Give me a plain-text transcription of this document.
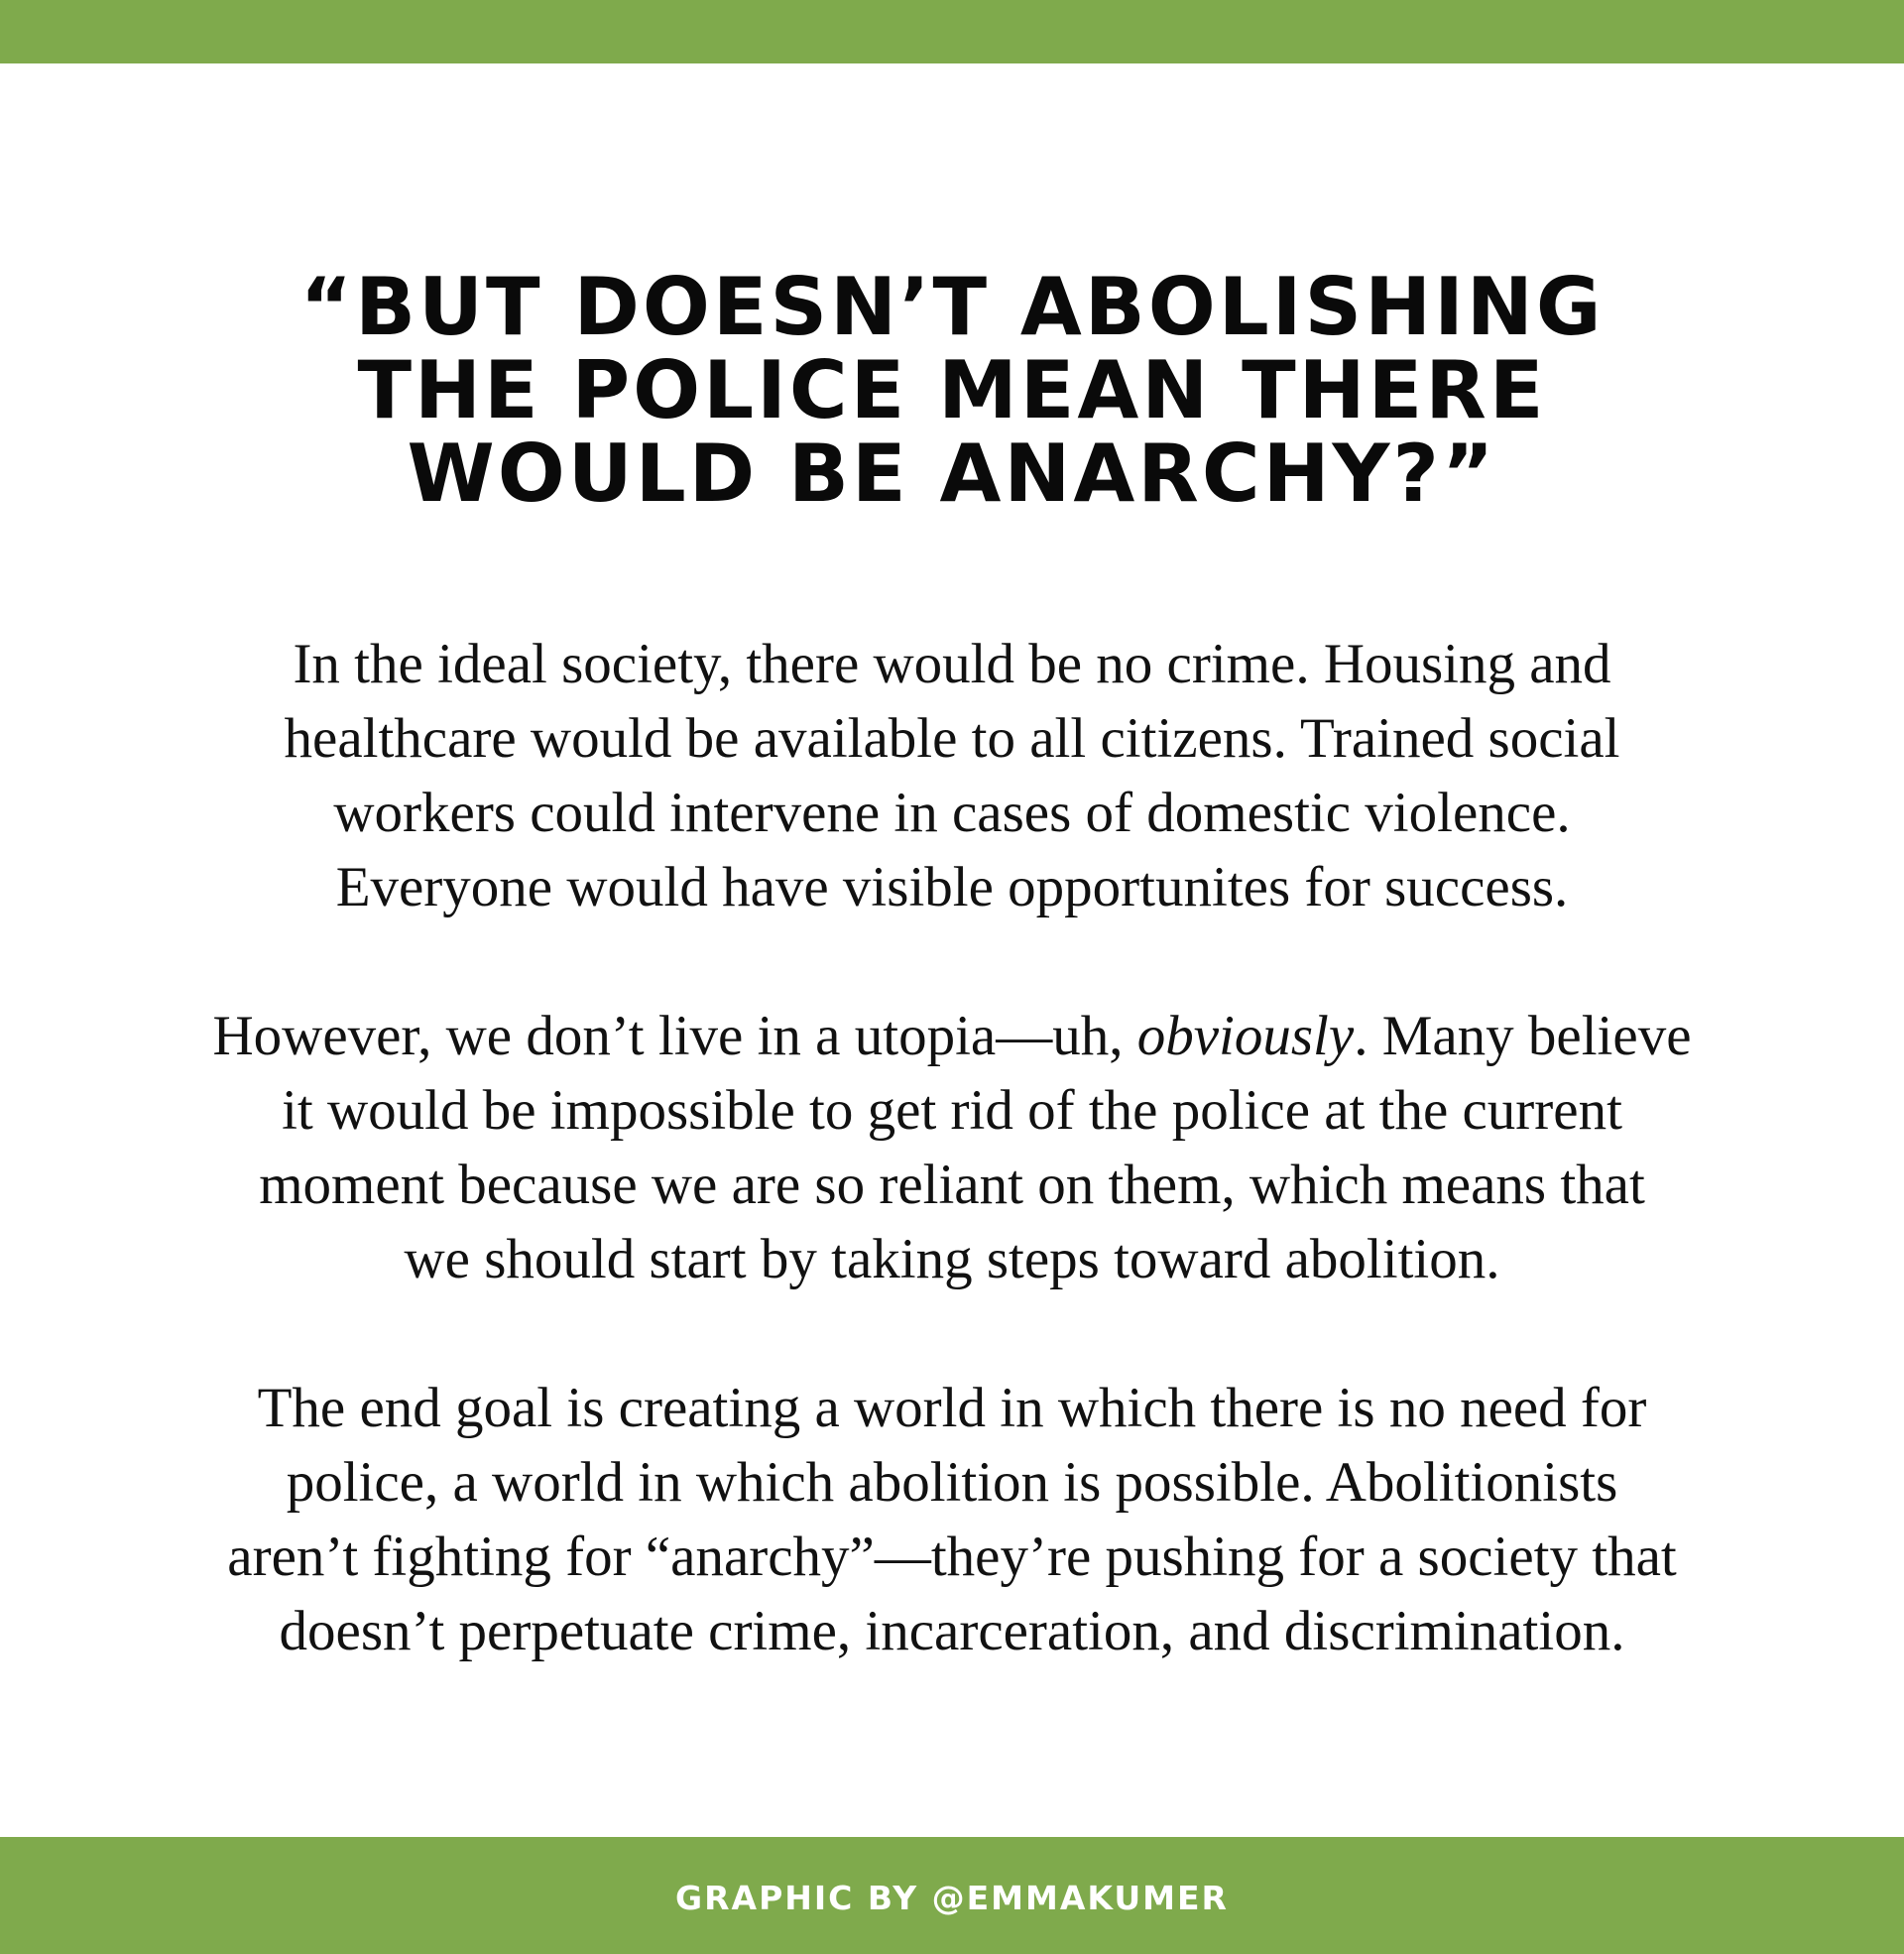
“BUT DOESN’T ABOLISHING
THE POLICE MEAN THERE
WOULD BE ANARCHY?”

In the ideal society, there would be no crime. Housing and
healthcare would be available to all citizens. Trained social
workers could intervene in cases of domestic violence.
Everyone would have visible opportunites for success.

However, we don’t live in a utopia—uh, obviously. Many believe
it would be impossible to get rid of the police at the current
moment because we are so reliant on them, which means that
we should start by taking steps toward abolition.

The end goal is creating a world in which there is no need for
police, a world in which abolition is possible. Abolitionists
aren’t fighting for “anarchy”—they’re pushing for a society that
doesn’t perpetuate crime, incarceration, and discrimination.

GRAPHIC BY @EMMAKUMER
